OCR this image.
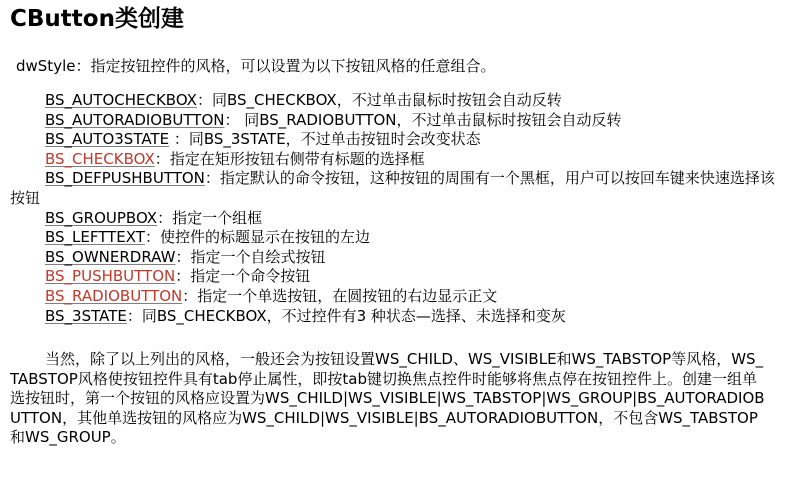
CButton类创建
dwStyle：指定按钮控件的风格，可以设置为以下按钮风格的任意组合。
BS_AUTOCHECKBOX：同BS_CHECKBOX，不过单击鼠标时按钮会自动反转
BS_AUTORADIOBUTTON： 同BS_RADIOBUTTON，不过单击鼠标时按钮会自动反转
BS_AUTO3STATE ：同BS_3STATE，不过单击按钮时会改变状态
BS_CHECKBOX：指定在矩形按钮右侧带有标题的选择框
BS_DEFPUSHBUTTON：指定默认的命令按钮，这种按钮的周围有一个黑框，用户可以按回车键来快速选择该按钮
BS_GROUPBOX：指定一个组框
BS_LEFTTEXT：使控件的标题显示在按钮的左边
BS_OWNERDRAW：指定一个自绘式按钮
BS_PUSHBUTTON：指定一个命令按钮
BS_RADIOBUTTON：指定一个单选按钮，在圆按钮的右边显示正文
BS_3STATE：同BS_CHECKBOX，不过控件有3 种状态—选择、未选择和变灰

当然，除了以上列出的风格，一般还会为按钮设置WS_CHILD、WS_VISIBLE和WS_TABSTOP等风格，WS_TABSTOP风格使按钮控件具有tab停止属性，即按tab键切换焦点控件时能够将焦点停在按钮控件上。创建一组单选按钮时，第一个按钮的风格应设置为WS_CHILD|WS_VISIBLE|WS_TABSTOP|WS_GROUP|BS_AUTORADIOBUTTON，其他单选按钮的风格应为WS_CHILD|WS_VISIBLE|BS_AUTORADIOBUTTON，不包含WS_TABSTOP和WS_GROUP。
